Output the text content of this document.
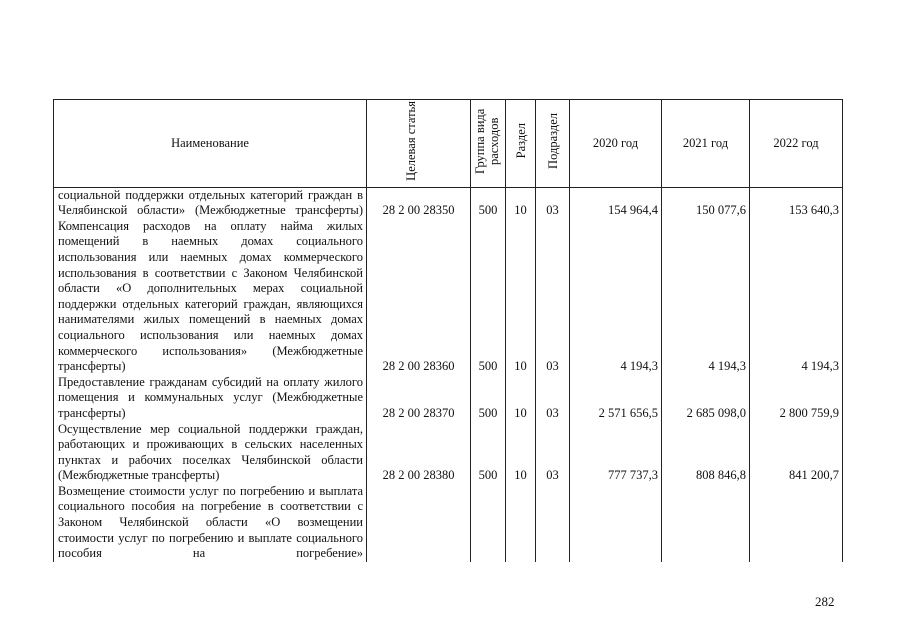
Наименование	Целевая статья	Группа вида расходов	Раздел	Подраздел	2020 год	2021 год	2022 год
социальной поддержки отдельных категорий граждан в Челябинской области» (Межбюджетные трансферты)	28 2 00 28350	500	10	03	154 964,4	150 077,6	153 640,3
Компенсация расходов на оплату найма жилых помещений в наемных домах социального использования или наемных домах коммерческого использования в соответствии с Законом Челябинской области «О дополнительных мерах социальной поддержки отдельных категорий граждан, являющихся нанимателями жилых помещений в наемных домах социального использования или наемных домах коммерческого использования» (Межбюджетные трансферты)	28 2 00 28360	500	10	03	4 194,3	4 194,3	4 194,3
Предоставление гражданам субсидий на оплату жилого помещения и коммунальных услуг (Межбюджетные трансферты)	28 2 00 28370	500	10	03	2 571 656,5	2 685 098,0	2 800 759,9
Осуществление мер социальной поддержки граждан, работающих и проживающих в сельских населенных пунктах и рабочих поселках Челябинской области (Межбюджетные трансферты)	28 2 00 28380	500	10	03	777 737,3	808 846,8	841 200,7
Возмещение стоимости услуг по погребению и выплата социального пособия на погребение в соответствии с Законом Челябинской области «О возмещении стоимости услуг по погребению и выплате социального пособия на погребение»							
282
